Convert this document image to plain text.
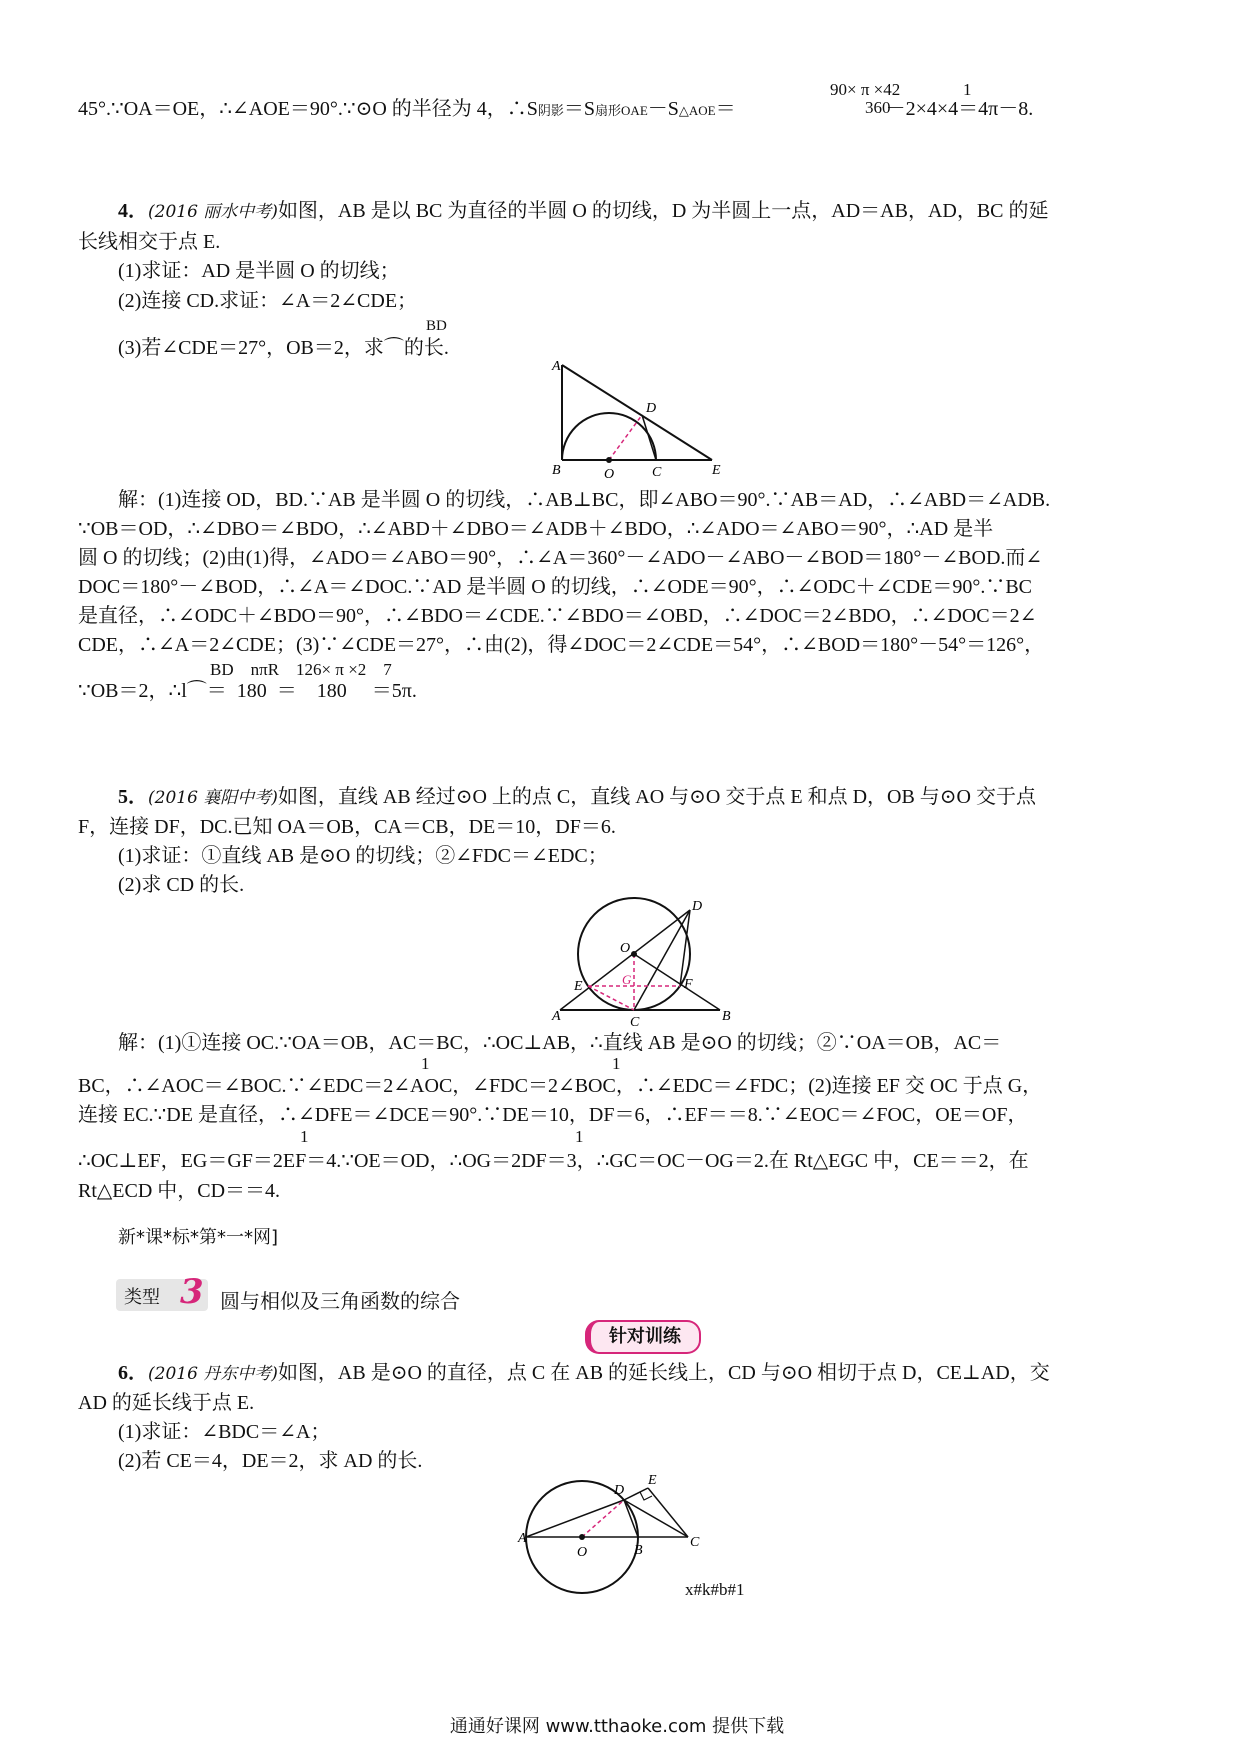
45°.∵OA＝OE，∴∠AOE＝90°.∵⊙O 的半径为 4，∴S阴影＝S扇形OAE－S△AOE＝	－2×4×4＝4π－8.
90× π ×42	1
360
4．(2016 丽水中考)如图，AB 是以 BC 为直径的半圆 O 的切线，D 为半圆上一点，AD＝AB，AD，BC 的延
长线相交于点 E.
(1)求证：AD 是半圆 O 的切线；
(2)连接 CD.求证：∠A＝2∠CDE；
BD
(3)若∠CDE＝27°，OB＝2，求⌒的长.
A
B	O	C
D
E
解：(1)连接 OD，BD.∵AB 是半圆 O 的切线，∴AB⊥BC，即∠ABO＝90°.∵AB＝AD，∴∠ABD＝∠ADB.
∵OB＝OD，∴∠DBO＝∠BDO，∴∠ABD＋∠DBO＝∠ADB＋∠BDO，∴∠ADO＝∠ABO＝90°，∴AD 是半
圆 O 的切线；(2)由(1)得，∠ADO＝∠ABO＝90°，∴∠A＝360°－∠ADO－∠ABO－∠BOD＝180°－∠BOD.而∠
DOC＝180°－∠BOD，∴∠A＝∠DOC.∵AD 是半圆 O 的切线，∴∠ODE＝90°，∴∠ODC＋∠CDE＝90°.∵BC
是直径，∴∠ODC＋∠BDO＝90°，∴∠BDO＝∠CDE.∵∠BDO＝∠OBD，∴∠DOC＝2∠BDO，∴∠DOC＝2∠
CDE，∴∠A＝2∠CDE；(3)∵∠CDE＝27°，∴由(2)，得∠DOC＝2∠CDE＝54°，∴∠BOD＝180°－54°＝126°，
BD    nπR    126× π ×2    7
∵OB＝2，∴l⌒＝  180  ＝    180     ＝5π.
5．(2016 襄阳中考)如图，直线 AB 经过⊙O 上的点 C，直线 AO 与⊙O 交于点 E 和点 D，OB 与⊙O 交于点
F，连接 DF，DC.已知 OA＝OB，CA＝CB，DE＝10，DF＝6.
(1)求证：①直线 AB 是⊙O 的切线；②∠FDC＝∠EDC；
(2)求 CD 的长.
O
D
E	G	F
A	C	B
解：(1)①连接 OC.∵OA＝OB，AC＝BC，∴OC⊥AB，∴直线 AB 是⊙O 的切线；②∵OA＝OB，AC＝
1	1
BC，∴∠AOC＝∠BOC.∵∠EDC＝2∠AOC，∠FDC＝2∠BOC，∴∠EDC＝∠FDC；(2)连接 EF 交 OC 于点 G，
连接 EC.∵DE 是直径，∴∠DFE＝∠DCE＝90°.∵DE＝10，DF＝6，∴EF＝＝8.∵∠EOC＝∠FOC，OE＝OF，
1	1
∴OC⊥EF，EG＝GF＝2EF＝4.∵OE＝OD，∴OG＝2DF＝3，∴GC＝OC－OG＝2.在 Rt△EGC 中，CE＝＝2，在
Rt△ECD 中，CD＝＝4.
新*课*标*第*一*网]
类型 3 圆与相似及三角函数的综合
针对训练
6．(2016 丹东中考)如图，AB 是⊙O 的直径，点 C 在 AB 的延长线上，CD 与⊙O 相切于点 D，CE⊥AD，交
AD 的延长线于点 E.
(1)求证：∠BDC＝∠A；
(2)若 CE＝4，DE＝2，求 AD 的长.
A
O	B
C
D
E
x#k#b#1
通通好课网 www.tthaoke.com 提供下载
